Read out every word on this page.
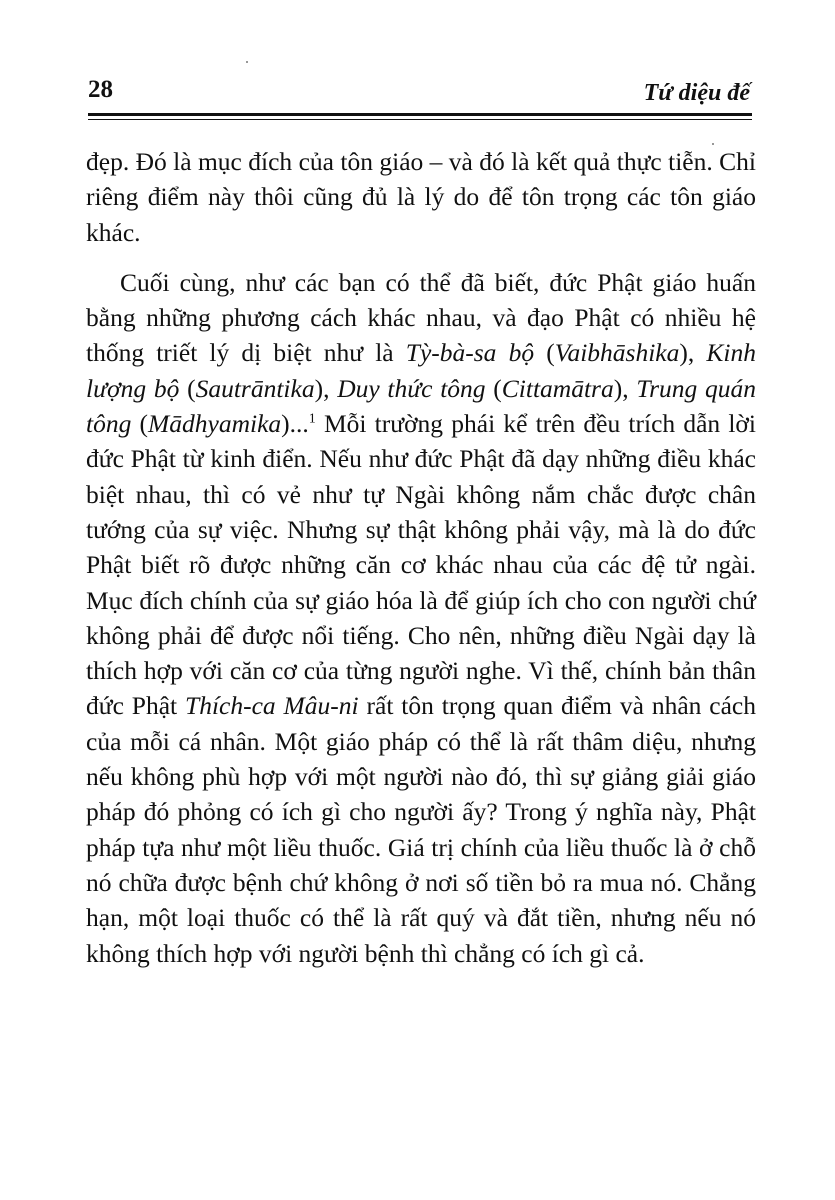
28	Tứ diệu đế

đẹp. Đó là mục đích của tôn giáo – và đó là kết quả thực tiễn. Chỉ riêng điểm này thôi cũng đủ là lý do để tôn trọng các tôn giáo khác.

Cuối cùng, như các bạn có thể đã biết, đức Phật giáo huấn bằng những phương cách khác nhau, và đạo Phật có nhiều hệ thống triết lý dị biệt như là Tỳ-bà-sa bộ (Vaibhāshika), Kinh lượng bộ (Sautrāntika), Duy thức tông (Cittamātra), Trung quán tông (Mādhyamika)...$^1$ Mỗi trường phái kể trên đều trích dẫn lời đức Phật từ kinh điển. Nếu như đức Phật đã dạy những điều khác biệt nhau, thì có vẻ như tự Ngài không nắm chắc được chân tướng của sự việc. Nhưng sự thật không phải vậy, mà là do đức Phật biết rõ được những căn cơ khác nhau của các đệ tử ngài. Mục đích chính của sự giáo hóa là để giúp ích cho con người chứ không phải để được nổi tiếng. Cho nên, những điều Ngài dạy là thích hợp với căn cơ của từng người nghe. Vì thế, chính bản thân đức Phật Thích-ca Mâu-ni rất tôn trọng quan điểm và nhân cách của mỗi cá nhân. Một giáo pháp có thể là rất thâm diệu, nhưng nếu không phù hợp với một người nào đó, thì sự giảng giải giáo pháp đó phỏng có ích gì cho người ấy? Trong ý nghĩa này, Phật pháp tựa như một liều thuốc. Giá trị chính của liều thuốc là ở chỗ nó chữa được bệnh chứ không ở nơi số tiền bỏ ra mua nó. Chẳng hạn, một loại thuốc có thể là rất quý và đắt tiền, nhưng nếu nó không thích hợp với người bệnh thì chẳng có ích gì cả.
